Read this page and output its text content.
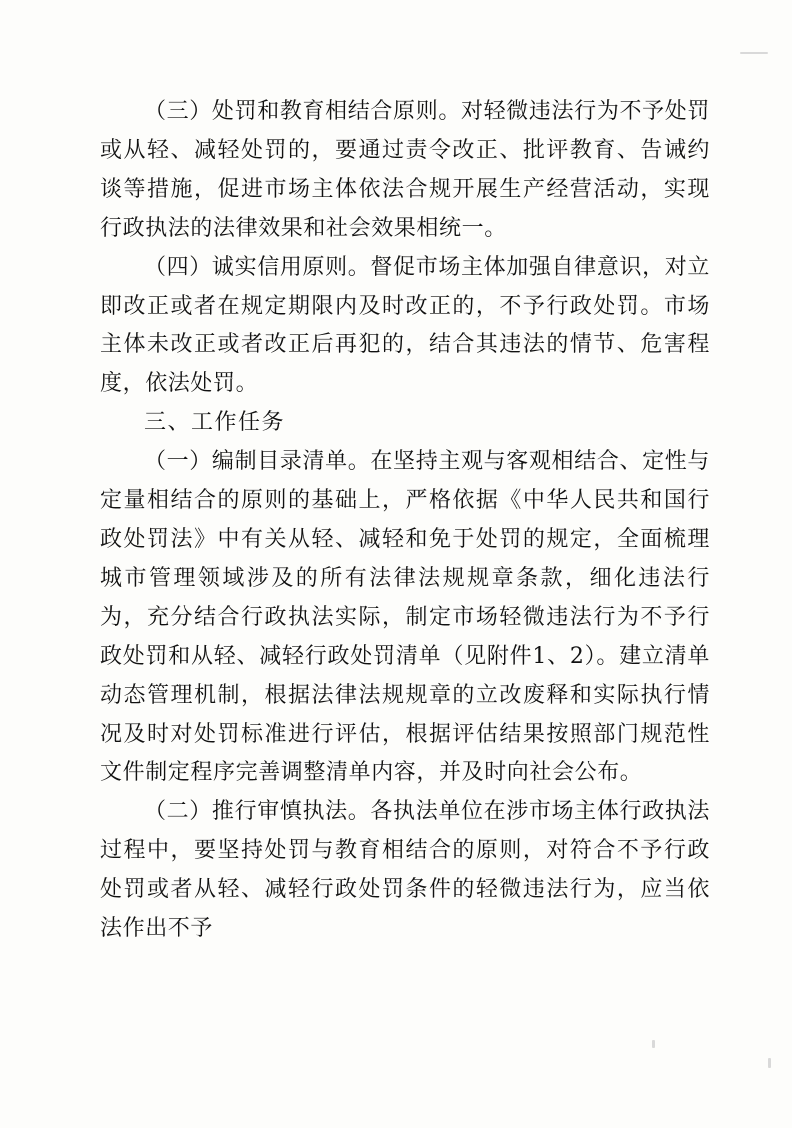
（三）处罚和教育相结合原则。对轻微违法行为不予处罚或从轻、减轻处罚的，要通过责令改正、批评教育、告诫约谈等措施，促进市场主体依法合规开展生产经营活动，实现行政执法的法律效果和社会效果相统一。

（四）诚实信用原则。督促市场主体加强自律意识，对立即改正或者在规定期限内及时改正的，不予行政处罚。市场主体未改正或者改正后再犯的，结合其违法的情节、危害程度，依法处罚。

三、工作任务

（一）编制目录清单。在坚持主观与客观相结合、定性与定量相结合的原则的基础上，严格依据《中华人民共和国行政处罚法》中有关从轻、减轻和免于处罚的规定，全面梳理城市管理领域涉及的所有法律法规规章条款，细化违法行为，充分结合行政执法实际，制定市场轻微违法行为不予行政处罚和从轻、减轻行政处罚清单（见附件1、2）。建立清单动态管理机制，根据法律法规规章的立改废释和实际执行情况及时对处罚标准进行评估，根据评估结果按照部门规范性文件制定程序完善调整清单内容，并及时向社会公布。

（二）推行审慎执法。各执法单位在涉市场主体行政执法过程中，要坚持处罚与教育相结合的原则，对符合不予行政处罚或者从轻、减轻行政处罚条件的轻微违法行为，应当依法作出不予
